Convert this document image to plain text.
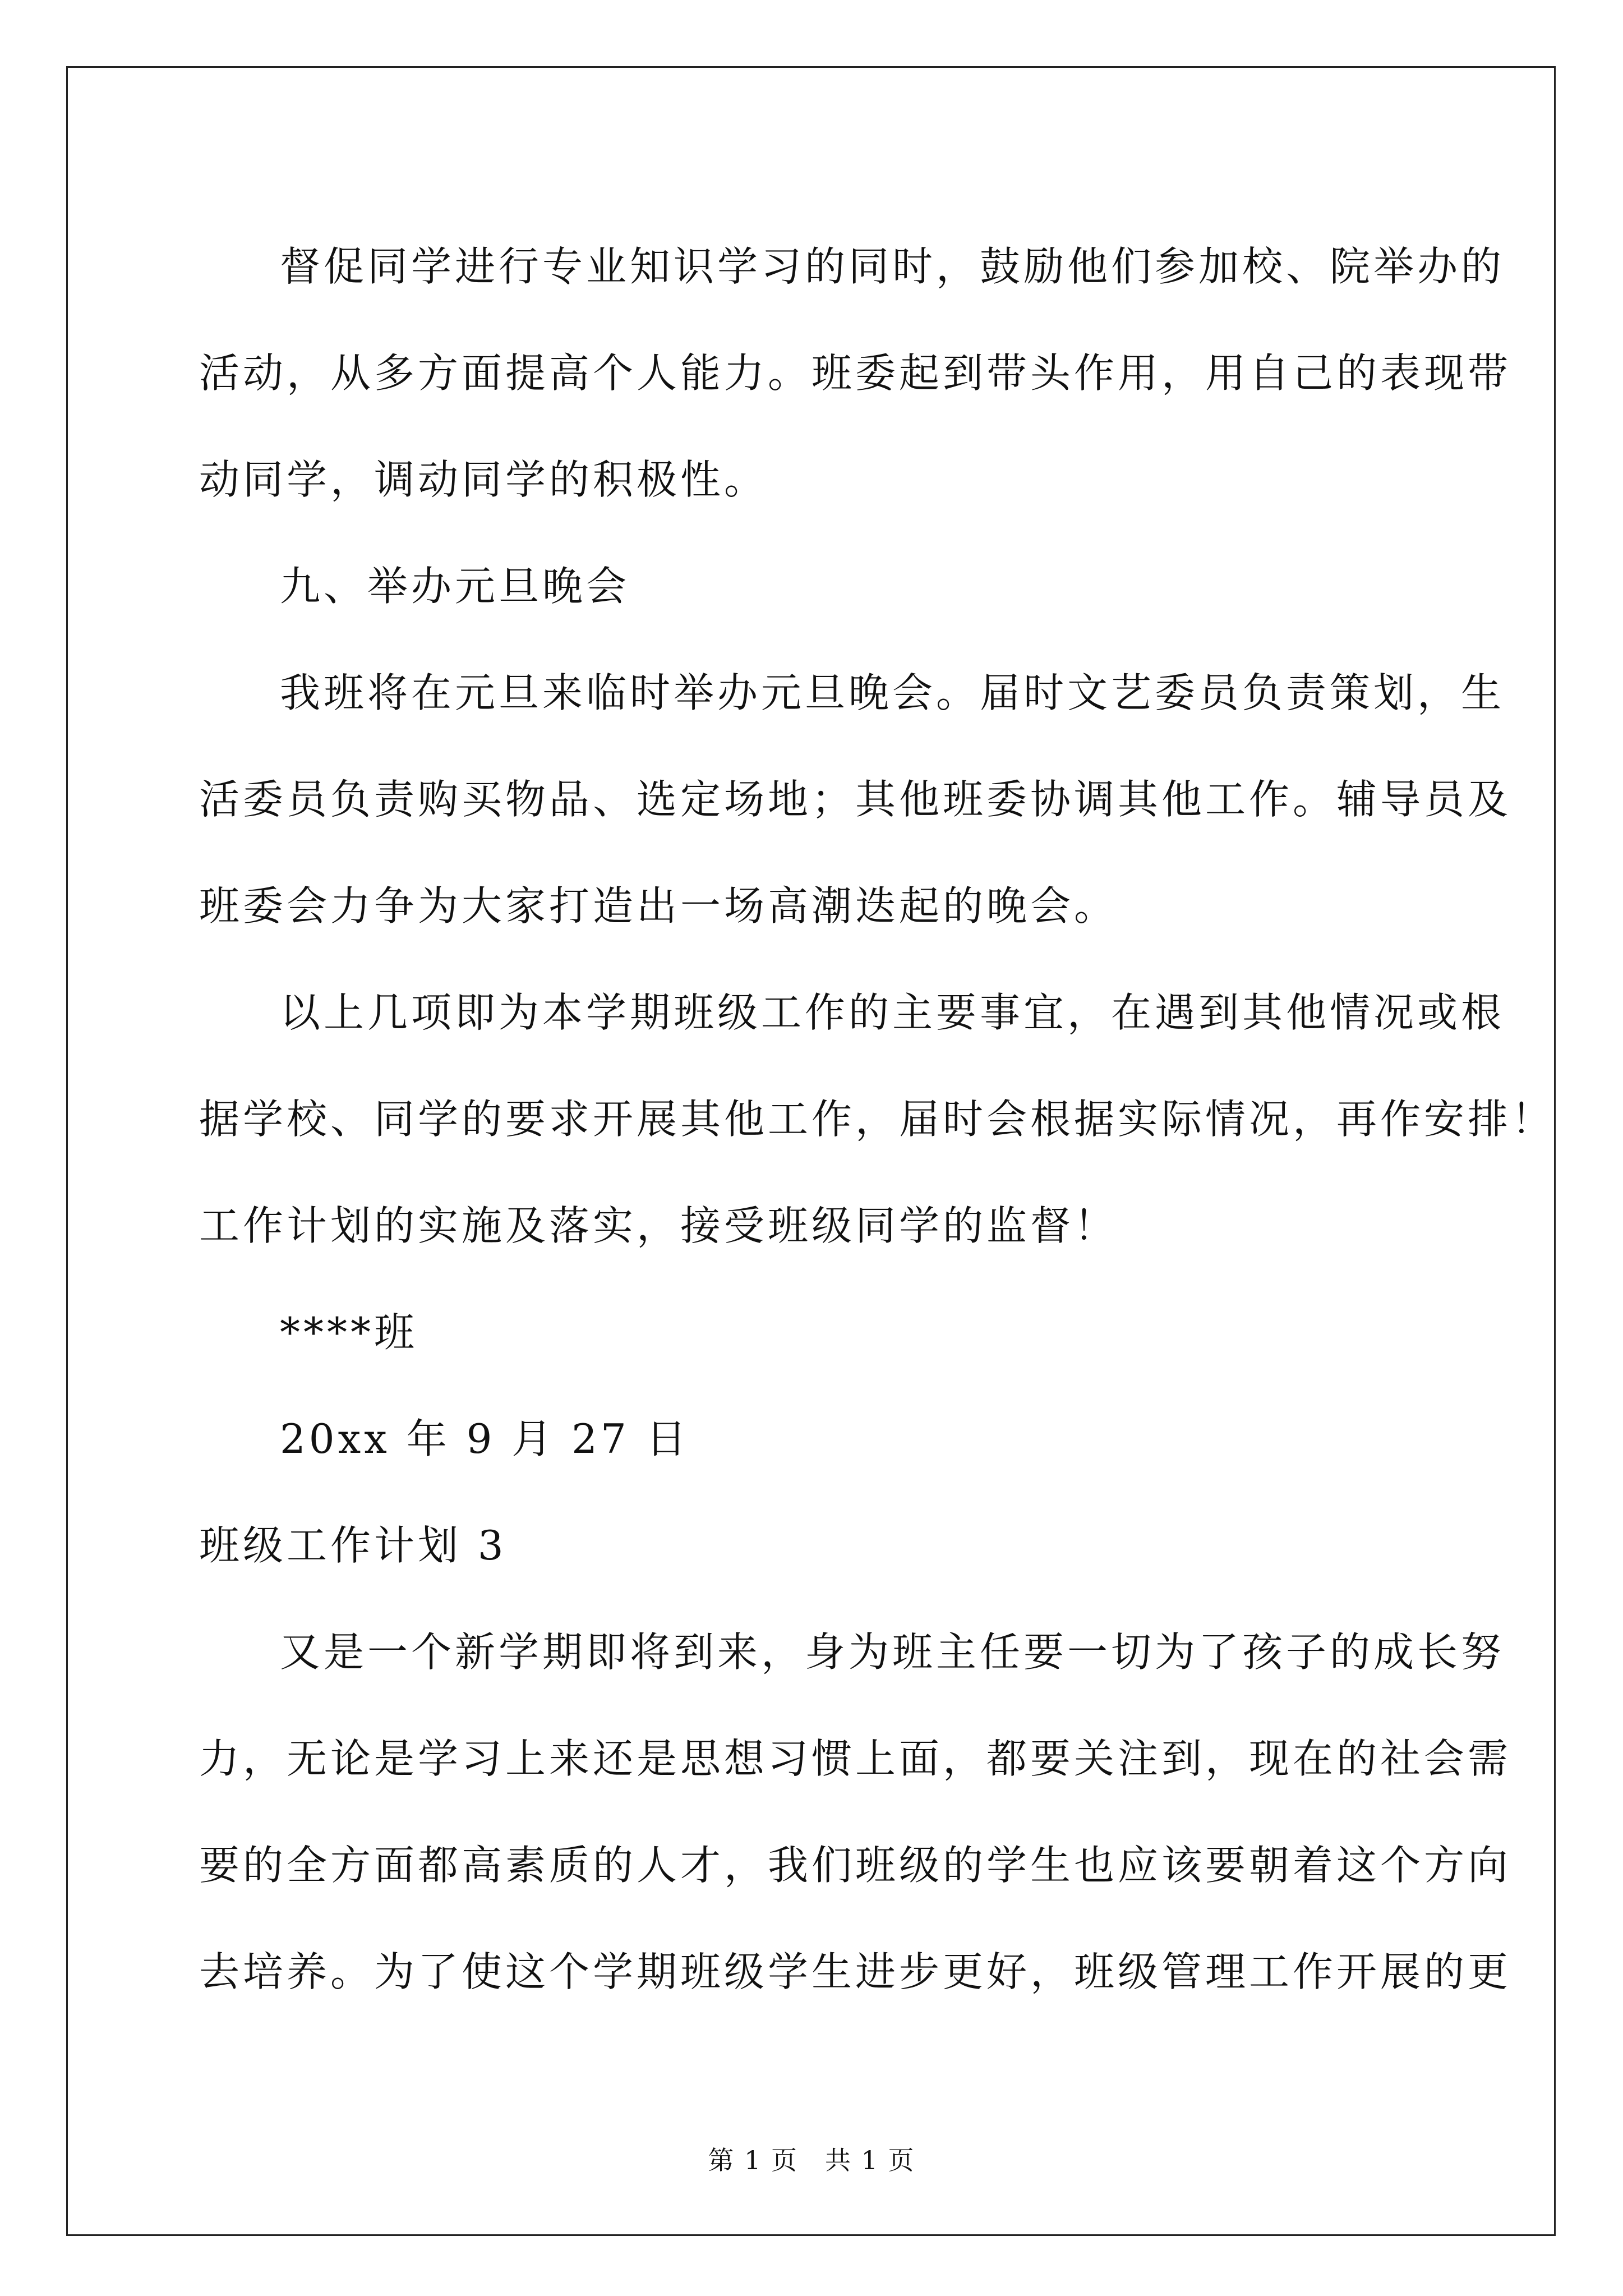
督促同学进行专业知识学习的同时，鼓励他们参加校、院举办的

活动，从多方面提高个人能力。班委起到带头作用，用自己的表现带

动同学，调动同学的积极性。

九、举办元旦晚会

我班将在元旦来临时举办元旦晚会。届时文艺委员负责策划，生

活委员负责购买物品、选定场地；其他班委协调其他工作。辅导员及

班委会力争为大家打造出一场高潮迭起的晚会。

以上几项即为本学期班级工作的主要事宜，在遇到其他情况或根

据学校、同学的要求开展其他工作，届时会根据实际情况，再作安排！

工作计划的实施及落实，接受班级同学的监督！

****班

20xx 年 9 月 27 日

班级工作计划 3

又是一个新学期即将到来，身为班主任要一切为了孩子的成长努

力，无论是学习上来还是思想习惯上面，都要关注到，现在的社会需

要的全方面都高素质的人才，我们班级的学生也应该要朝着这个方向

去培养。为了使这个学期班级学生进步更好，班级管理工作开展的更

第 1 页　共 1 页
